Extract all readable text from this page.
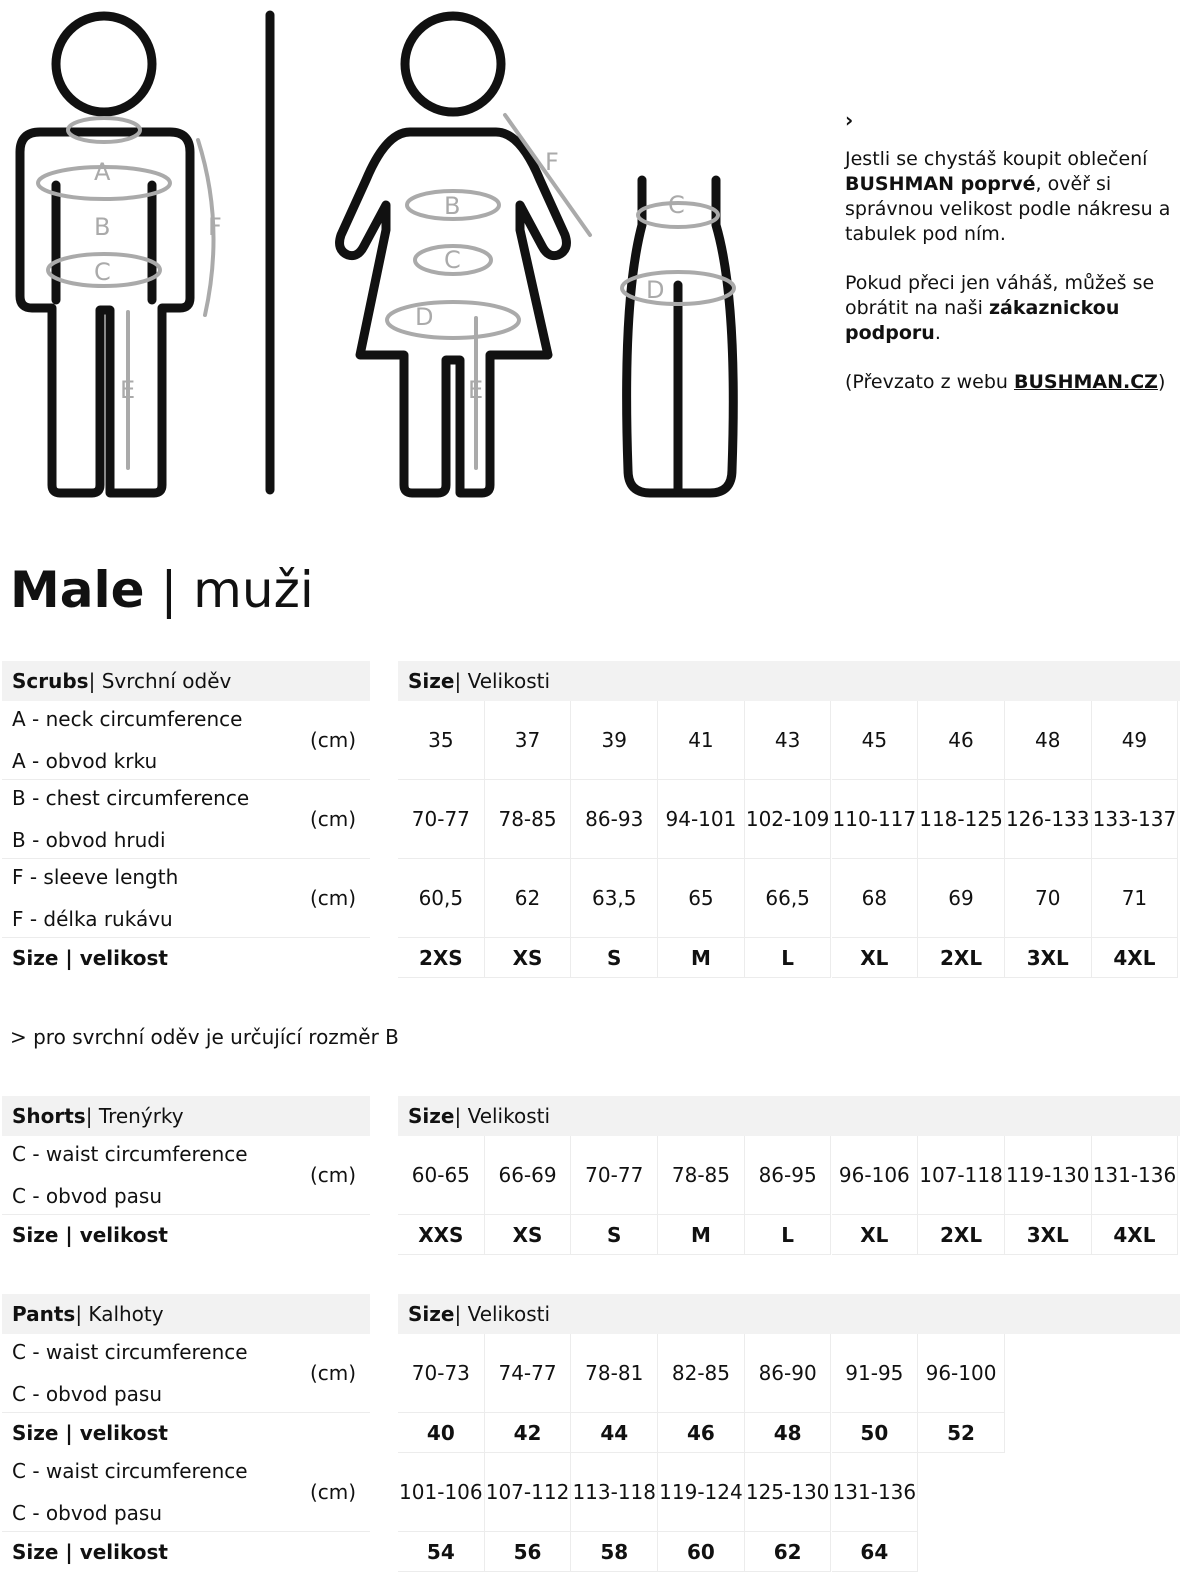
A
B
C
E
F
B
C
D
E
F
C
D
›

Jestli se chystáš koupit oblečení BUSHMAN poprvé, ověř si správnou velikost podle nákresu a tabulek pod ním.

Pokud přeci jen váháš, můžeš se obrátit na naši zákaznickou podporu.

(Převzato z webu BUSHMAN.CZ)

Male | muži
Scrubs | Svrchní oděv	Size | Velikosti
A - neck circumference
A - obvod krku
(cm)	35	37	39	41	43	45	46	48	49
B - chest circumference
B - obvod hrudi
(cm)	70-77	78-85	86-93	94-101 102-109 110-117 118-125 126-133 133-137
F - sleeve length
F - délka rukávu
(cm)	60,5	62	63,5	65	66,5	68	69	70	71
Size | velikost	2XS	XS	S	M	L	XL	2XL	3XL	4XL
Shorts | Trenýrky	Size | Velikosti
C - waist circumference
C - obvod pasu
(cm)	60-65	66-69	70-77	78-85	86-95	96-106 107-118 119-130 131-136
Size | velikost	XXS	XS	S	M	L	XL	2XL	3XL	4XL
Pants | Kalhoty	Size | Velikosti
C - waist circumference
C - obvod pasu
(cm)	70-73	74-77	78-81	82-85	86-90	91-95	96-100
Size | velikost	40	42	44	46	48	50	52
C - waist circumference
C - obvod pasu
(cm)	101-106 107-112 113-118 119-124 125-130 131-136
Size | velikost	54	56	58	60	62	64
> pro svrchní oděv je určující rozměr B
